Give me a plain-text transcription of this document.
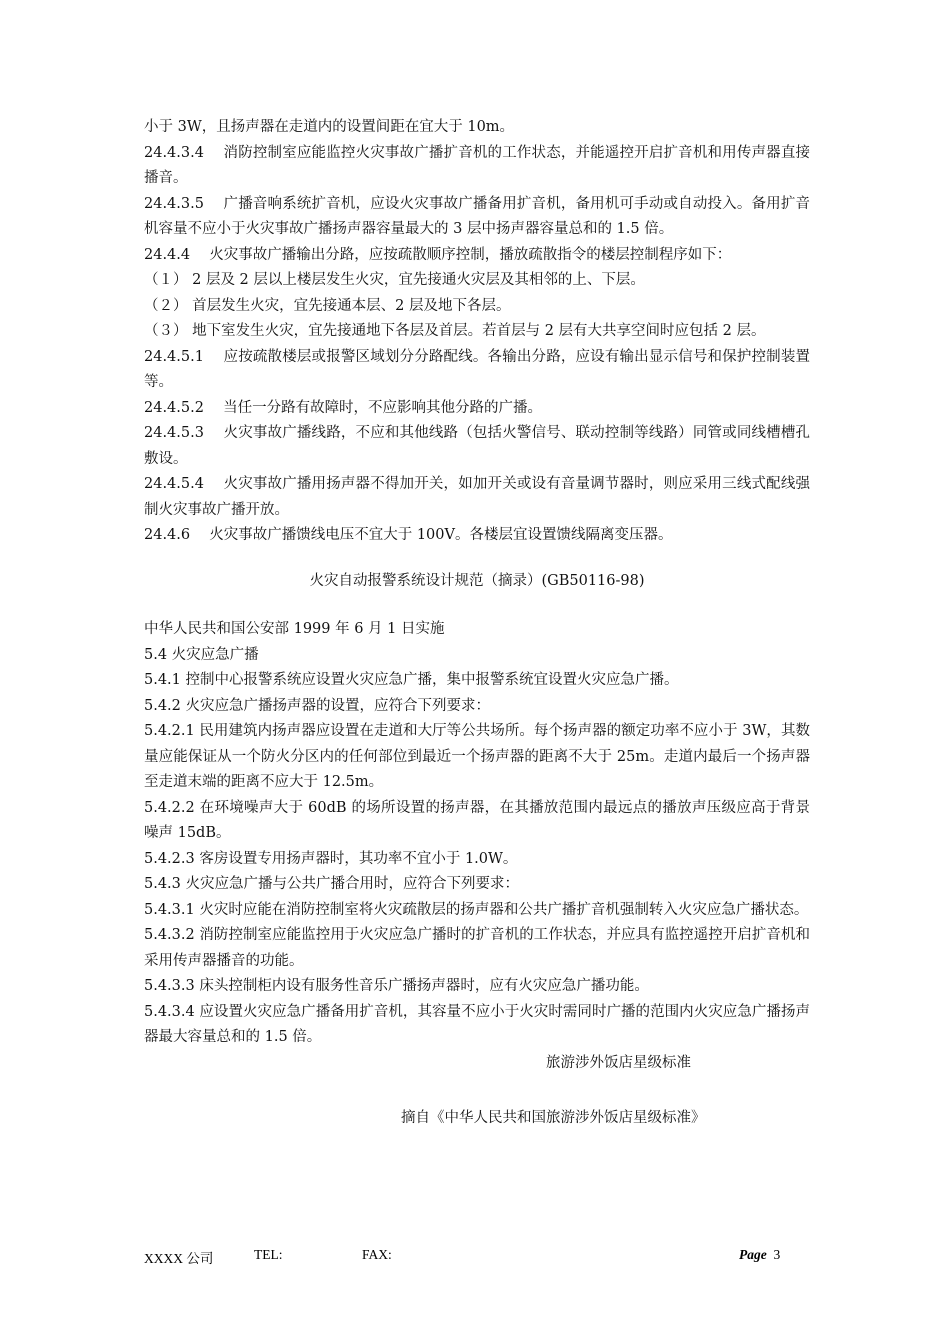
小于 3W，且扬声器在走道内的设置间距在宜大于 10m。

24.4.3.4　 消防控制室应能监控火灾事故广播扩音机的工作状态，并能遥控开启扩音机和用传声器直接播音。

24.4.3.5　 广播音响系统扩音机，应设火灾事故广播备用扩音机，备用机可手动或自动投入。备用扩音机容量不应小于火灾事故广播扬声器容量最大的 3 层中扬声器容量总和的 1.5 倍。

24.4.4　 火灾事故广播输出分路，应按疏散顺序控制，播放疏散指令的楼层控制程序如下：

（１） 2 层及 2 层以上楼层发生火灾，宜先接通火灾层及其相邻的上、下层。

（２） 首层发生火灾，宜先接通本层、2 层及地下各层。

（３） 地下室发生火灾，宜先接通地下各层及首层。若首层与 2 层有大共享空间时应包括 2 层。

24.4.5.1　 应按疏散楼层或报警区域划分分路配线。各输出分路，应设有输出显示信号和保护控制装置等。

24.4.5.2　 当任一分路有故障时，不应影响其他分路的广播。

24.4.5.3　 火灾事故广播线路，不应和其他线路（包括火警信号、联动控制等线路）同管或同线槽槽孔敷设。

24.4.5.4　 火灾事故广播用扬声器不得加开关，如加开关或设有音量调节器时，则应采用三线式配线强制火灾事故广播开放。

24.4.6　 火灾事故广播馈线电压不宜大于 100V。各楼层宜设置馈线隔离变压器。

火灾自动报警系统设计规范（摘录）(GB50116-98)

中华人民共和国公安部 1999 年 6 月 1 日实施

5.4 火灾应急广播

5.4.1 控制中心报警系统应设置火灾应急广播，集中报警系统宜设置火灾应急广播。

5.4.2 火灾应急广播扬声器的设置，应符合下列要求：

5.4.2.1 民用建筑内扬声器应设置在走道和大厅等公共场所。每个扬声器的额定功率不应小于 3W，其数量应能保证从一个防火分区内的任何部位到最近一个扬声器的距离不大于 25m。走道内最后一个扬声器至走道末端的距离不应大于 12.5m。

5.4.2.2 在环境噪声大于 60dB 的场所设置的扬声器，在其播放范围内最远点的播放声压级应高于背景噪声 15dB。

5.4.2.3 客房设置专用扬声器时，其功率不宜小于 1.0W。

5.4.3 火灾应急广播与公共广播合用时，应符合下列要求：

5.4.3.1 火灾时应能在消防控制室将火灾疏散层的扬声器和公共广播扩音机强制转入火灾应急广播状态。

5.4.3.2 消防控制室应能监控用于火灾应急广播时的扩音机的工作状态，并应具有监控遥控开启扩音机和采用传声器播音的功能。

5.4.3.3 床头控制柜内设有服务性音乐广播扬声器时，应有火灾应急广播功能。

5.4.3.4 应设置火灾应急广播备用扩音机，其容量不应小于火灾时需同时广播的范围内火灾应急广播扬声器最大容量总和的 1.5 倍。

旅游涉外饭店星级标准

摘自《中华人民共和国旅游涉外饭店星级标准》

XXXX 公司	TEL:	FAX:	Page 3
